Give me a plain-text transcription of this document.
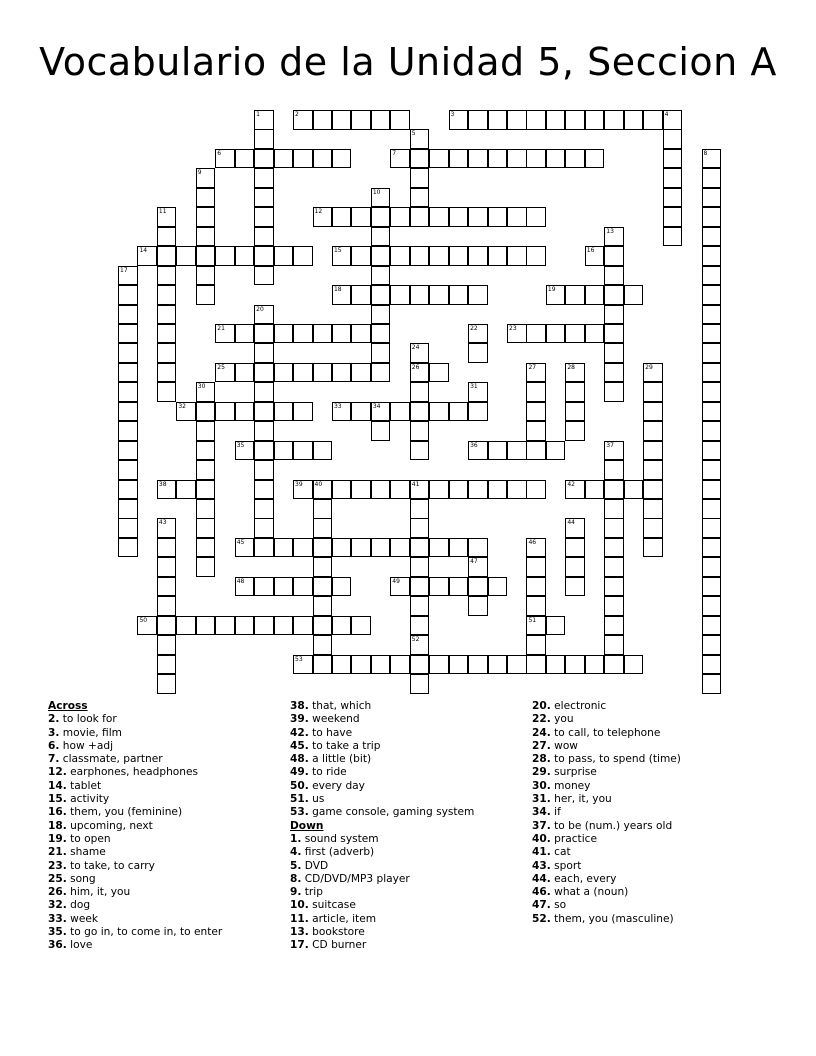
Vocabulario de la Unidad 5, Seccion A
1	2	3	4
5
6	7	8
9
10
11	12
13
14	15	16
17
18	19
20
21	22	23
24
26
25	27	28	29
30	31
32	33	34
35	36	37
38	39 40	41
52
42
43	44
45	46
51
47
48	49
50
53
Across
2. to look for
3. movie, film
6. how +adj
7. classmate, partner
12. earphones, headphones
14. tablet
15. activity
16. them, you (feminine)
18. upcoming, next
19. to open
21. shame
23. to take, to carry
25. song
26. him, it, you
32. dog
33. week
35. to go in, to come in, to enter
36. love
38. that, which
39. weekend
42. to have
45. to take a trip
48. a little (bit)
49. to ride
50. every day
51. us
53. game console, gaming system
Down
1. sound system
4. first (adverb)
5. DVD
8. CD/DVD/MP3 player
9. trip
10. suitcase
11. article, item
13. bookstore
17. CD burner
20. electronic
22. you
24. to call, to telephone
27. wow
28. to pass, to spend (time)
29. surprise
30. money
31. her, it, you
34. if
37. to be (num.) years old
40. practice
41. cat
43. sport
44. each, every
46. what a (noun)
47. so
52. them, you (masculine)
